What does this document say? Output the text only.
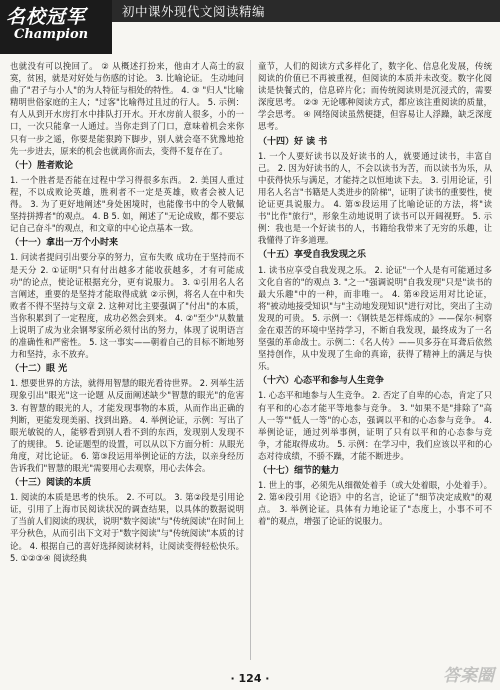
名校冠军
Champion
初中课外现代文阅读精编

也就没有可以挽回了。 ② 从概述打扮来，他由才人高士的寂寞，贫困，就是对好处与伤感的讨论。 3. 比喻论证。 生动地问曲了"君子与小人"的为人特征与相处的特性。 4. ③ "归人"比喻精明世俗家庭的主人；"过客"比喻得过且过的行人。 5. 示例：有人从到开水房打水中排队打开水。开水房前人很多，小的一口，一次只能拿一人通过。当你走到了门口，意味着机会来你只有一步之遥，你要是能狠跨下脚步，别人就会毫不犹豫地抢先一步进去，原来的机会也就离你而去，变得不复存在了。

（十）胜者败论

1. 一个胜者是否能在过程中学习得很多东西。 2. 美国人重过程，不以成败论英雄，胜利者不一定是英雄，败者会被人记得。 3. 为了更好地阐述"身处困境时，也能像书中的令人敬佩坚持拼搏者"的观点。 4. B 5. 如，阐述了"无论成败，都不要忘记自己奋斗"的观点，和文章的中心论点基本一致。

（十一）拿出一万个小时来

1. 问读者提问引出要分享的努力，宣布失败 成功在于坚持而不是天分 2. ①证明"只有付出越多才能收获越多，才有可能成功"的论点，使论证根据充分，更有说服力。 3. ①引用名人名言阐述，重要的是坚持才能取得成就 ②示例，将名人在中和失败者不得不坚持与文章 2. 这种对比主要强调了"付出"的本质，当你积累到了一定程度，成功必然会到来。 4. ②"至少"从数量上说明了成为业余钢琴家所必须付出的努力，体现了说明语言的准确性和严密性。 5. 这一事实——朝着自己的目标不断地努力和坚持，永不放弃。

（十二）眼 光

1. 想要世界的方法，就得用智慧的眼光看待世界。 2. 列举生活现象引出"眼光"这一论题 从反面阐述缺少"智慧的眼光"的危害 3. 有智慧的眼光的人，才能发现事物的本质，从而作出正确的判断，更能发现美丽、找到出路。 4. 举例论证，示例：写出了眼光敏锐的人，能够看到别人看不到的东西，发现别人发现不了的规律。 5. 论证题型的设置，可以从以下方面分析：从眼光角度，对比论证。 6. 第③段运用举例论证的方法，以亲身经历告诉我们"智慧的眼光"需要用心去观察，用心去体会。

（十三）阅读的本质

1. 阅读的本质是思考的快乐。 2. 不可以。 3. 第②段是引用论证，引用了上海市民阅读状况的调查结果，以具体的数据说明了当前人们阅读的现状，说明"数字阅读"与"传统阅读"在时间上平分秋色，从而引出下文对于"数字阅读"与"传统阅读"本质的讨论。 4. 根据自己的喜好选择阅读材料，让阅读变得轻松快乐。 5. ①②③④ 阅读经典

童节，人们的阅读方式多样化了，数字化、信息化发展，传统阅读的价值已不再被重视，但阅读的本质并未改变。数字化阅读是快餐式的，信息碎片化；而传统阅读则是沉浸式的，需要深度思考。 ②③ 无论哪种阅读方式，都应该注重阅读的质量，学会思考。 ④ 网络阅读虽然便捷，但容易让人浮躁，缺乏深度思考。

（十四）好 读 书

1. 一个人要好读书以及好读书的人，就要通过读书，丰富自己。 2. 因为好读书的人，不会以读书为苦，而以读书为乐，从中获得快乐与满足，才能持之以恒地读下去。 3. 引用论证，引用名人名言"书籍是人类进步的阶梯"，证明了读书的重要性，使论证更具说服力。 4. 第⑤段运用了比喻论证的方法，将"读书"比作"旅行"，形象生动地说明了读书可以开阔视野。 5. 示例：我也是一个好读书的人，书籍给我带来了无穷的乐趣，让我懂得了许多道理。

（十五）享受自我发现之乐

1. 读书应享受自我发现之乐。 2. 论证"一个人是有可能通过多文化自省的"的观点 3. "之一"强调说明"自我发现"只是"读书的最大乐趣"中的一种，而非唯一。 4. 第④段运用对比论证，将"被动地接受知识"与"主动地发现知识"进行对比，突出了主动发现的可贵。 5. 示例一：《钢铁是怎样炼成的》——保尔·柯察金在艰苦的环境中坚持学习，不断自我发现，最终成为了一名坚强的革命战士。示例二：《名人传》——贝多芬在耳聋后依然坚持创作，从中发现了生命的真谛，获得了精神上的满足与快乐。

（十六）心态平和参与人生竞争

1. 心态平和地参与人生竞争。 2. 否定了自卑的心态，肯定了只有平和的心态才能平等地参与竞争。 3. "如果不是"排除了"高人一等""低人一等"的心态，强调以平和的心态参与竞争。 4. 举例论证，通过列举事例，证明了只有以平和的心态参与竞争，才能取得成功。 5. 示例：在学习中，我们应该以平和的心态对待成绩，不骄不躁，才能不断进步。

（十七）细节的魅力

1. 世上的事，必须先从细微处着手（或大处着眼，小处着手）。 2. 第④段引用《论语》中的名言，论证了"细节决定成败"的观点。 3. 举例论证。具体有力地论证了"态度上，小事不可不着"的观点，增强了论证的说服力。

· 124 ·	答案圈
